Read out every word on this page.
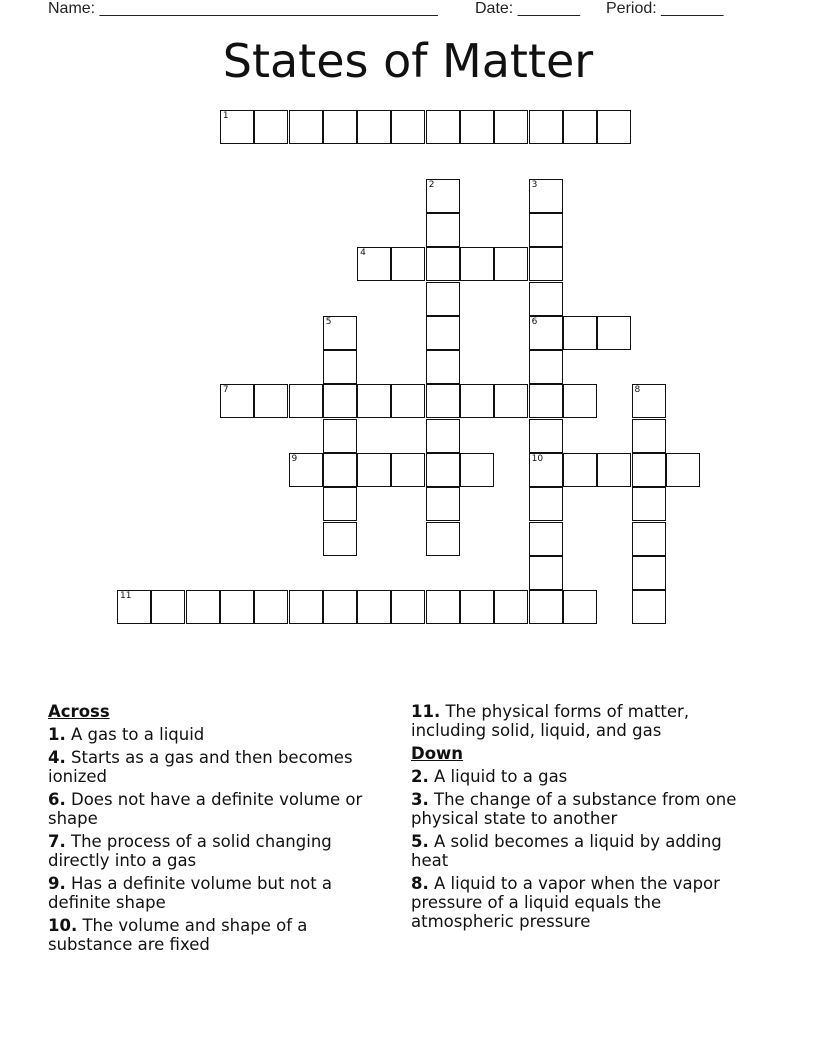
Name: ______________________________________ Date: _______ Period: _______
States of Matter
1
2	3
6
10
4
5
7	8
9
11
Across
1. A gas to a liquid
4. Starts as a gas and then becomes ionized
6. Does not have a definite volume or shape
7. The process of a solid changing directly into a gas
9. Has a definite volume but not a definite shape
10. The volume and shape of a substance are fixed
11. The physical forms of matter, including solid, liquid, and gas
Down
2. A liquid to a gas
3. The change of a substance from one physical state to another
5. A solid becomes a liquid by adding heat
8. A liquid to a vapor when the vapor pressure of a liquid equals the atmospheric pressure
